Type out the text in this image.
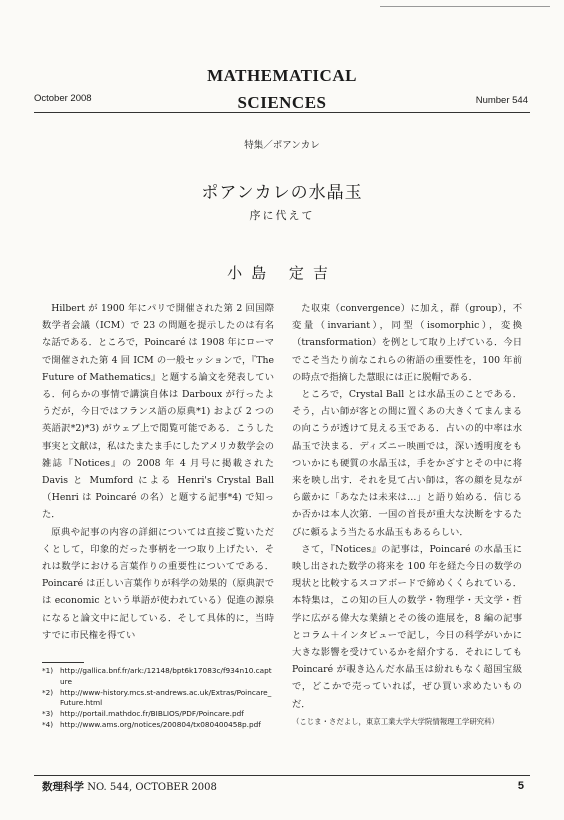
MATHEMATICAL
SCIENCES
October 2008	Number 544
特集／ポアンカレ
ポアンカレの水晶玉
序に代えて
小島 定吉

Hilbert が 1900 年にパリで開催された第 2 回国際数学者会議（ICM）で 23 の問題を提示したのは有名な話である．ところで，Poincaré は 1908 年にローマで開催された第 4 回 ICM の一般セッションで，『The Future of Mathematics』と題する論文を発表している．何らかの事情で講演自体は Darboux が行ったようだが，今日ではフランス語の原典*1) および 2 つの英語訳*2)*3) がウェブ上で閲覧可能である．こうした事実と文献は，私はたまたま手にしたアメリカ数学会の雑誌『Notices』の 2008 年 4 月号に掲載された Davis と Mumford による Henri's Crystal Ball（Henri は Poincaré の名）と題する記事*4) で知った．

原典や記事の内容の詳細については直接ご覧いただくとして，印象的だった事柄を一つ取り上げたい．それは数学における言葉作りの重要性についてである．Poincaré は正しい言葉作りが科学の効果的（原典訳では economic という単語が使われている）促進の源泉になると論文中に記している．そして具体的に，当時すでに市民権を得てい

た収束（convergence）に加え，群（group），不変量（invariant），同型（isomorphic），変換（transformation）を例として取り上げている．今日でこそ当たり前なこれらの術語の重要性を，100 年前の時点で指摘した慧眼には正に脱帽である．

ところで，Crystal Ball とは水晶玉のことである．そう，占い師が客との間に置くあの大きくてまんまるの向こうが透けて見える玉である．占いの的中率は水晶玉で決まる．ディズニー映画では，深い透明度をもついかにも硬質の水晶玉は，手をかざすとその中に将来を映し出す．それを見て占い師は，客の顔を見ながら厳かに「あなたは未来は…」と語り始める．信じるか否かは本人次第．一国の首長が重大な決断をするたびに頼るよう当たる水晶玉もあるらしい．

さて，『Notices』の記事は，Poincaré の水晶玉に映し出された数学の将来を 100 年を経た今日の数学の現状と比較するスコアボードで締めくくられている．本特集は，この知の巨人の数学・物理学・天文学・哲学に広がる偉大な業績とその後の進展を，8 編の記事とコラム＋インタビューで記し，今日の科学がいかに大きな影響を受けているかを紹介する．それにしても Poincaré が覗き込んだ水晶玉は紛れもなく超国宝級で，どこかで売っていれば，ぜひ買い求めたいものだ．

（こじま・さだよし，東京工業大学大学院情報理工学研究科）

*1) http://gallica.bnf.fr/ark:/12148/bpt6k17083c/f934n10.capture
*2) http://www-history.mcs.st-andrews.ac.uk/Extras/Poincare_Future.html
*3) http://portail.mathdoc.fr/BIBLIOS/PDF/Poincare.pdf
*4) http://www.ams.org/notices/200804/tx080400458p.pdf
数理科学 NO. 544, OCTOBER 2008	5
